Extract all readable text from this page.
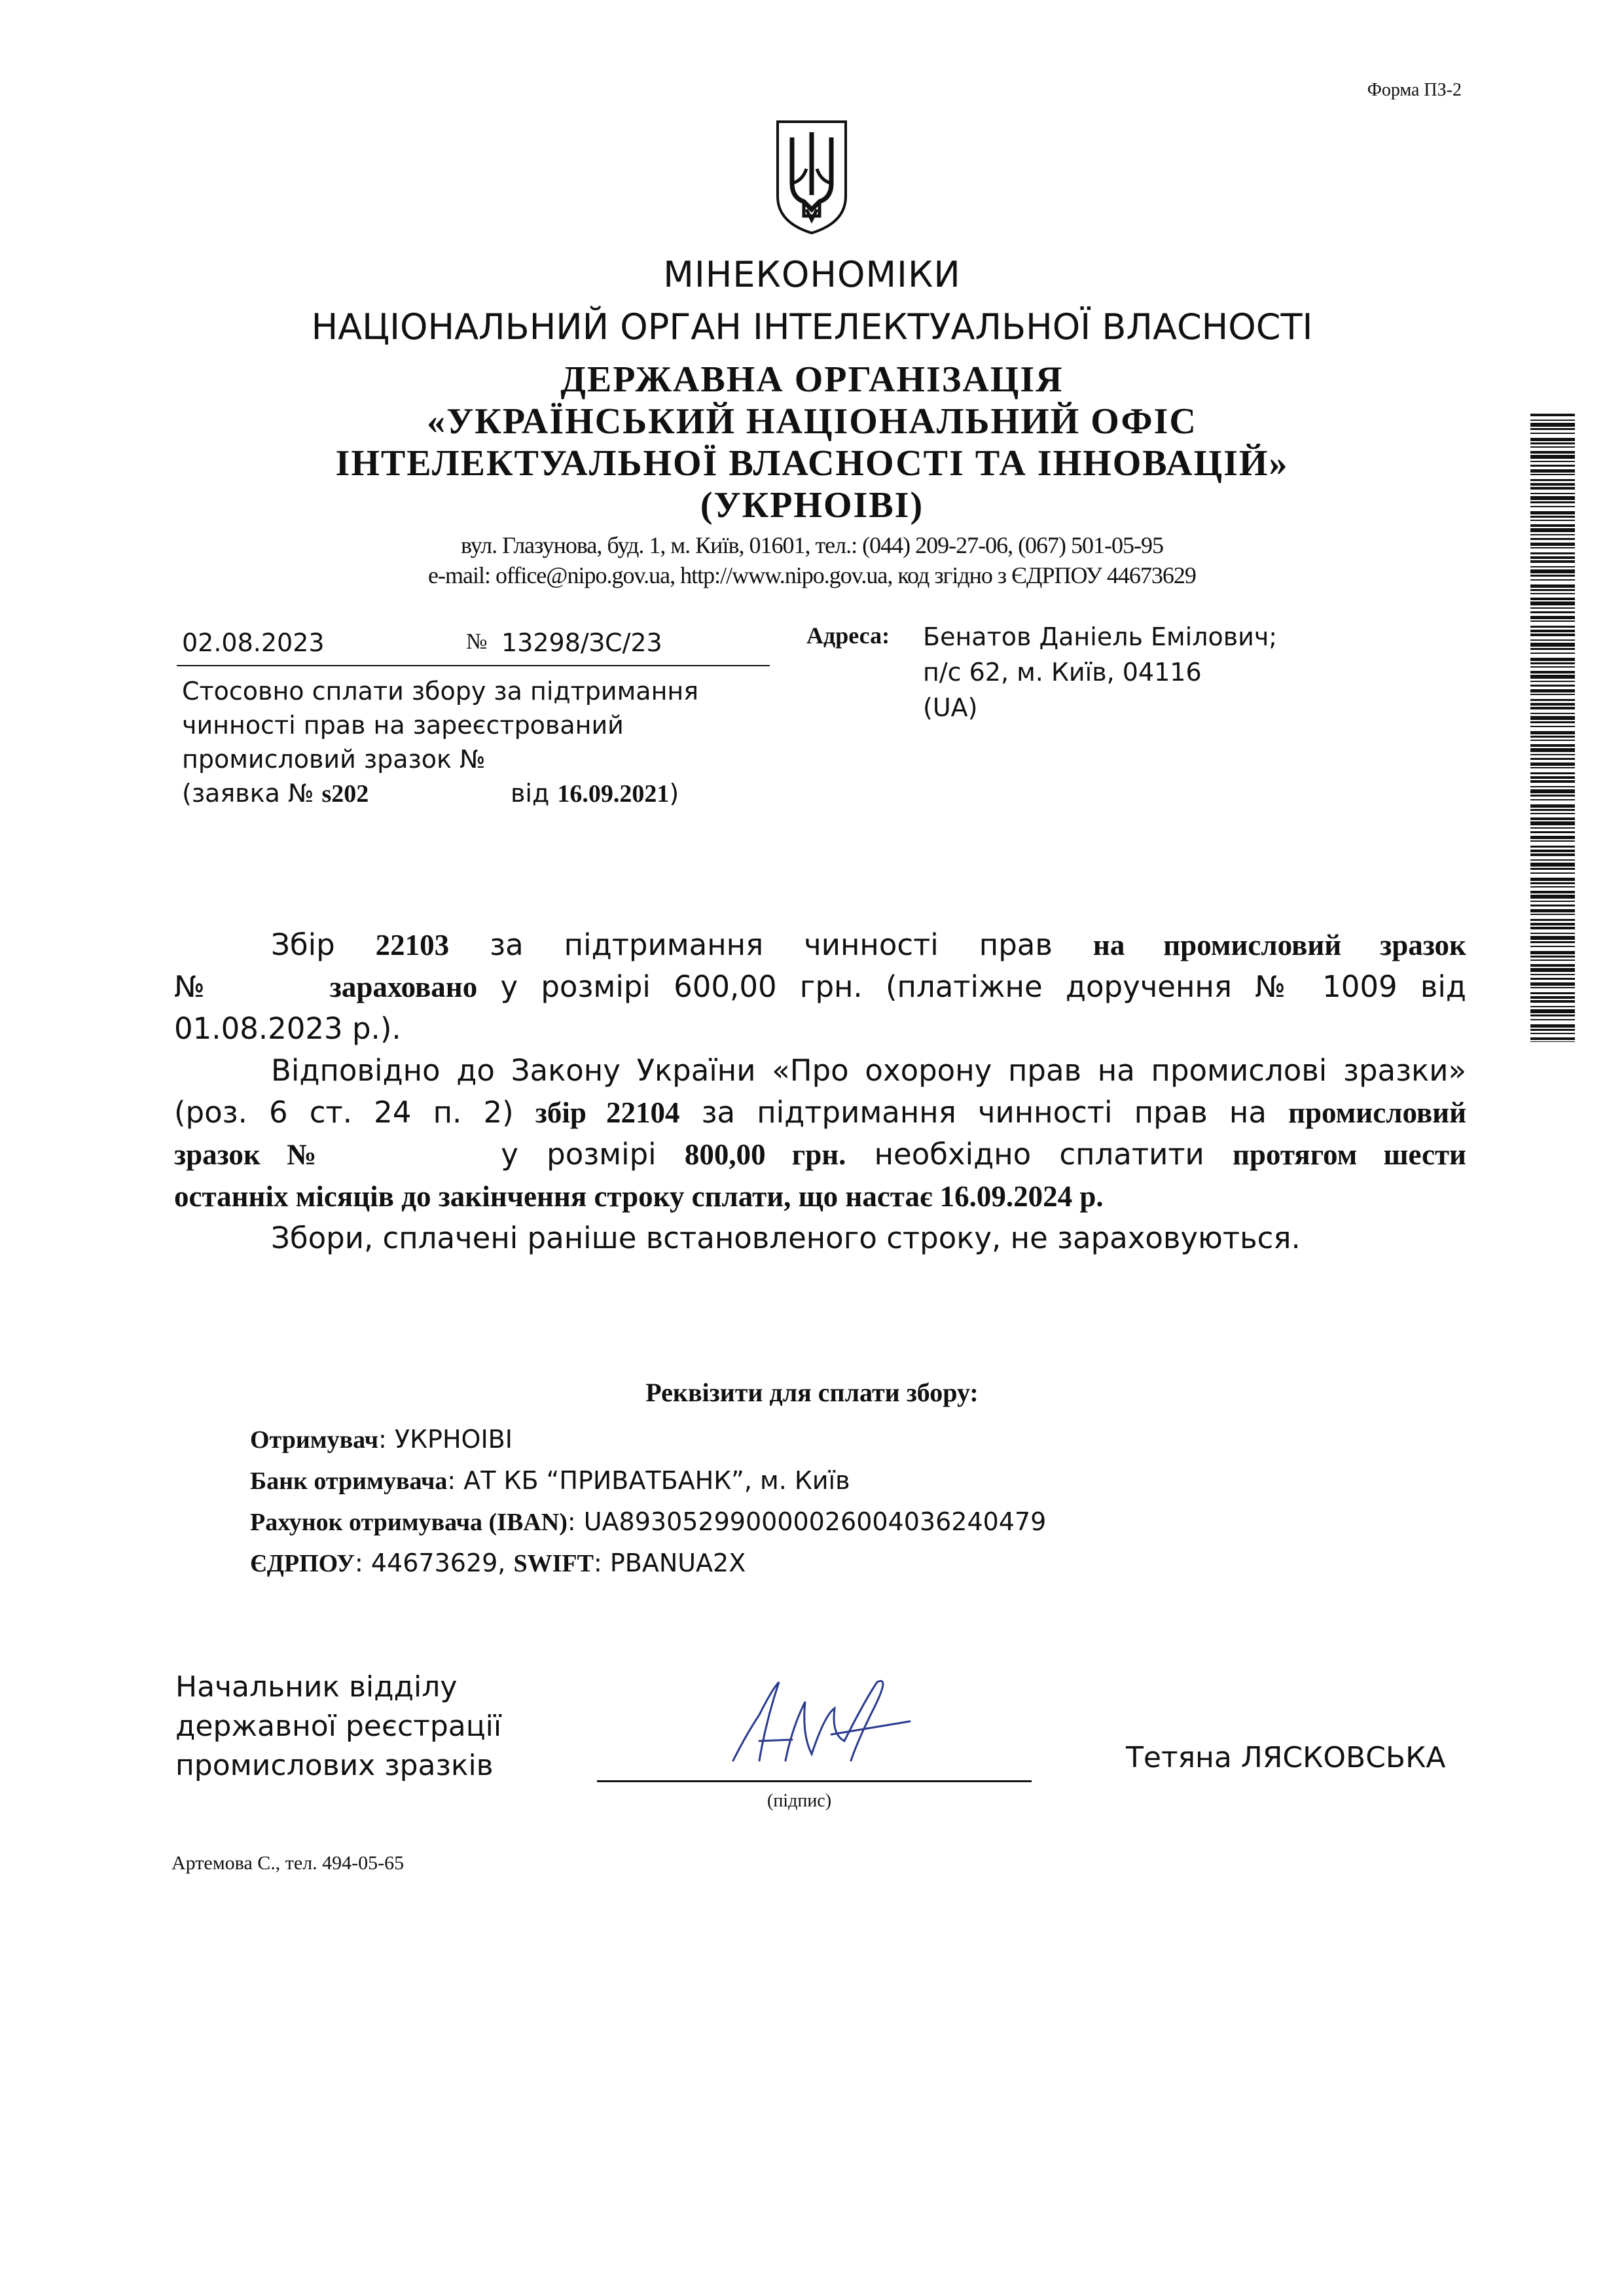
Форма ПЗ-2
МІНЕКОНОМІКИ
НАЦІОНАЛЬНИЙ ОРГАН ІНТЕЛЕКТУАЛЬНОЇ ВЛАСНОСТІ
ДЕРЖАВНА ОРГАНІЗАЦІЯ
«УКРАЇНСЬКИЙ НАЦІОНАЛЬНИЙ ОФІС
ІНТЕЛЕКТУАЛЬНОЇ ВЛАСНОСТІ ТА ІННОВАЦІЙ»
(УКРНОІВІ)
вул. Глазунова, буд. 1, м. Київ, 01601, тел.: (044) 209-27-06, (067) 501-05-95
e-mail: office@nipo.gov.ua, http://www.nipo.gov.ua, код згідно з ЄДРПОУ 44673629
02.08.2023	№ 13298/ЗС/23
Стосовно сплати збору за підтримання
чинності прав на зареєстрований
промисловий зразок №
(заявка № s202	від 16.09.2021)
Адреса: Бенатов Даніель Емілович;
п/с 62, м. Київ, 04116
(UA)
Збір 22103 за підтримання чинності прав на промисловий зразок
№	зараховано у розмірі 600,00 грн. (платіжне доручення № 1009 від
01.08.2023 р.).
Відповідно до Закону України «Про охорону прав на промислові зразки»
(роз. 6 ст. 24 п. 2) збір 22104 за підтримання чинності прав на промисловий
зразок №	у розмірі 800,00 грн. необхідно сплатити протягом шести
останніх місяців до закінчення строку сплати, що настає 16.09.2024 р.
Збори, сплачені раніше встановленого строку, не зараховуються.
Реквізити для сплати збору:
Отримувач: УКРНОІВІ
Банк отримувача: АТ КБ “ПРИВАТБАНК”, м. Київ
Рахунок отримувача (IBAN): UA893052990000026004036240479
ЄДРПОУ: 44673629, SWIFT: PBANUA2X
Начальник відділу
державної реєстрації
промислових зразків
(підпис)
Тетяна ЛЯСКОВСЬКА
Артемова С., тел. 494-05-65
